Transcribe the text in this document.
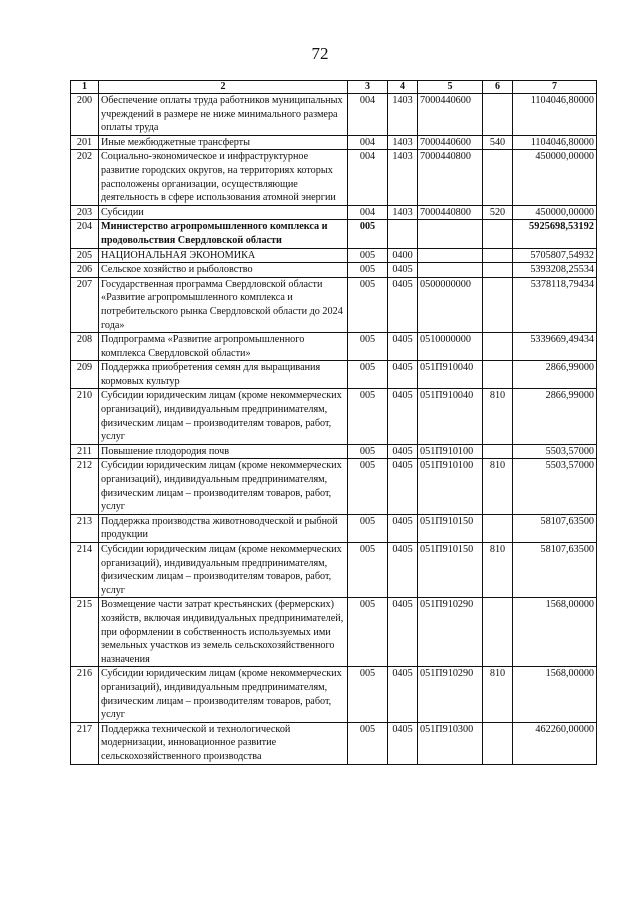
72
1	2	3	4	5	6	7
200	Обеспечение оплаты труда работников муниципальных учреждений в размере не ниже минимального размера оплаты труда	004	1403	7000440600		1104046,80000
201	Иные межбюджетные трансферты	004	1403	7000440600	540	1104046,80000
202	Социально-экономическое и инфраструктурное развитие городских округов, на территориях которых расположены организации, осуществляющие деятельность в сфере использования атомной энергии	004	1403	7000440800		450000,00000
203	Субсидии	004	1403	7000440800	520	450000,00000
204	Министерство агропромышленного комплекса и продовольствия Свердловской области	005				5925698,53192
205	НАЦИОНАЛЬНАЯ ЭКОНОМИКА	005	0400			5705807,54932
206	Сельское хозяйство и рыболовство	005	0405			5393208,25534
207	Государственная программа Свердловской области «Развитие агропромышленного комплекса и потребительского рынка Свердловской области до 2024 года»	005	0405	0500000000		5378118,79434
208	Подпрограмма «Развитие агропромышленного комплекса Свердловской области»	005	0405	0510000000		5339669,49434
209	Поддержка приобретения семян для выращивания кормовых культур	005	0405	051П910040		2866,99000
210	Субсидии юридическим лицам (кроме некоммерческих организаций), индивидуальным предпринимателям, физическим лицам – производителям товаров, работ, услуг	005	0405	051П910040	810	2866,99000
211	Повышение плодородия почв	005	0405	051П910100		5503,57000
212	Субсидии юридическим лицам (кроме некоммерческих организаций), индивидуальным предпринимателям, физическим лицам – производителям товаров, работ, услуг	005	0405	051П910100	810	5503,57000
213	Поддержка производства животноводческой и рыбной продукции	005	0405	051П910150		58107,63500
214	Субсидии юридическим лицам (кроме некоммерческих организаций), индивидуальным предпринимателям, физическим лицам – производителям товаров, работ, услуг	005	0405	051П910150	810	58107,63500
215	Возмещение части затрат крестьянских (фермерских) хозяйств, включая индивидуальных предпринимателей, при оформлении в собственность используемых ими земельных участков из земель сельскохозяйственного назначения	005	0405	051П910290		1568,00000
216	Субсидии юридическим лицам (кроме некоммерческих организаций), индивидуальным предпринимателям, физическим лицам – производителям товаров, работ, услуг	005	0405	051П910290	810	1568,00000
217	Поддержка технической и технологической модернизации, инновационное развитие сельскохозяйственного производства	005	0405	051П910300		462260,00000
